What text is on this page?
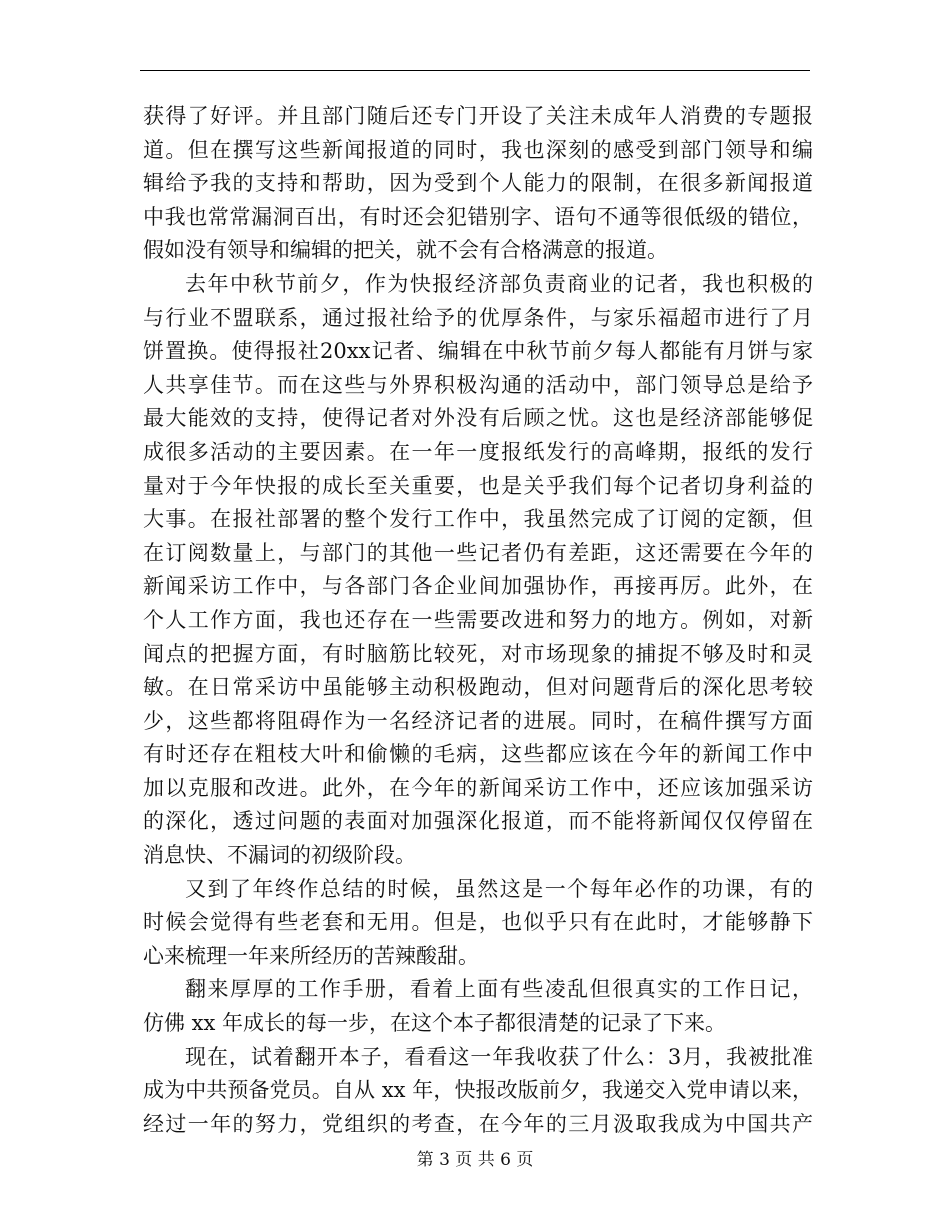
获得了好评。并且部门随后还专门开设了关注未成年人消费的专题报
道。但在撰写这些新闻报道的同时，我也深刻的感受到部门领导和编
辑给予我的支持和帮助，因为受到个人能力的限制，在很多新闻报道
中我也常常漏洞百出，有时还会犯错别字、语句不通等很低级的错位，
假如没有领导和编辑的把关，就不会有合格满意的报道。
去年中秋节前夕，作为快报经济部负责商业的记者，我也积极的
与行业不盟联系，通过报社给予的优厚条件，与家乐福超市进行了月
饼置换。使得报社20xx记者、编辑在中秋节前夕每人都能有月饼与家
人共享佳节。而在这些与外界积极沟通的活动中，部门领导总是给予
最大能效的支持，使得记者对外没有后顾之忧。这也是经济部能够促
成很多活动的主要因素。在一年一度报纸发行的高峰期，报纸的发行
量对于今年快报的成长至关重要，也是关乎我们每个记者切身利益的
大事。在报社部署的整个发行工作中，我虽然完成了订阅的定额，但
在订阅数量上，与部门的其他一些记者仍有差距，这还需要在今年的
新闻采访工作中，与各部门各企业间加强协作，再接再厉。此外，在
个人工作方面，我也还存在一些需要改进和努力的地方。例如，对新
闻点的把握方面，有时脑筋比较死，对市场现象的捕捉不够及时和灵
敏。在日常采访中虽能够主动积极跑动，但对问题背后的深化思考较
少，这些都将阻碍作为一名经济记者的进展。同时，在稿件撰写方面
有时还存在粗枝大叶和偷懒的毛病，这些都应该在今年的新闻工作中
加以克服和改进。此外，在今年的新闻采访工作中，还应该加强采访
的深化，透过问题的表面对加强深化报道，而不能将新闻仅仅停留在
消息快、不漏词的初级阶段。
又到了年终作总结的时候，虽然这是一个每年必作的功课，有的
时候会觉得有些老套和无用。但是，也似乎只有在此时，才能够静下
心来梳理一年来所经历的苦辣酸甜。
翻来厚厚的工作手册，看着上面有些凌乱但很真实的工作日记，
仿佛 xx 年成长的每一步，在这个本子都很清楚的记录了下来。
现在，试着翻开本子，看看这一年我收获了什么：3月，我被批准
成为中共预备党员。自从 xx 年，快报改版前夕，我递交入党申请以来，
经过一年的努力，党组织的考查，在今年的三月汲取我成为中国共产
第 3 页 共 6 页
